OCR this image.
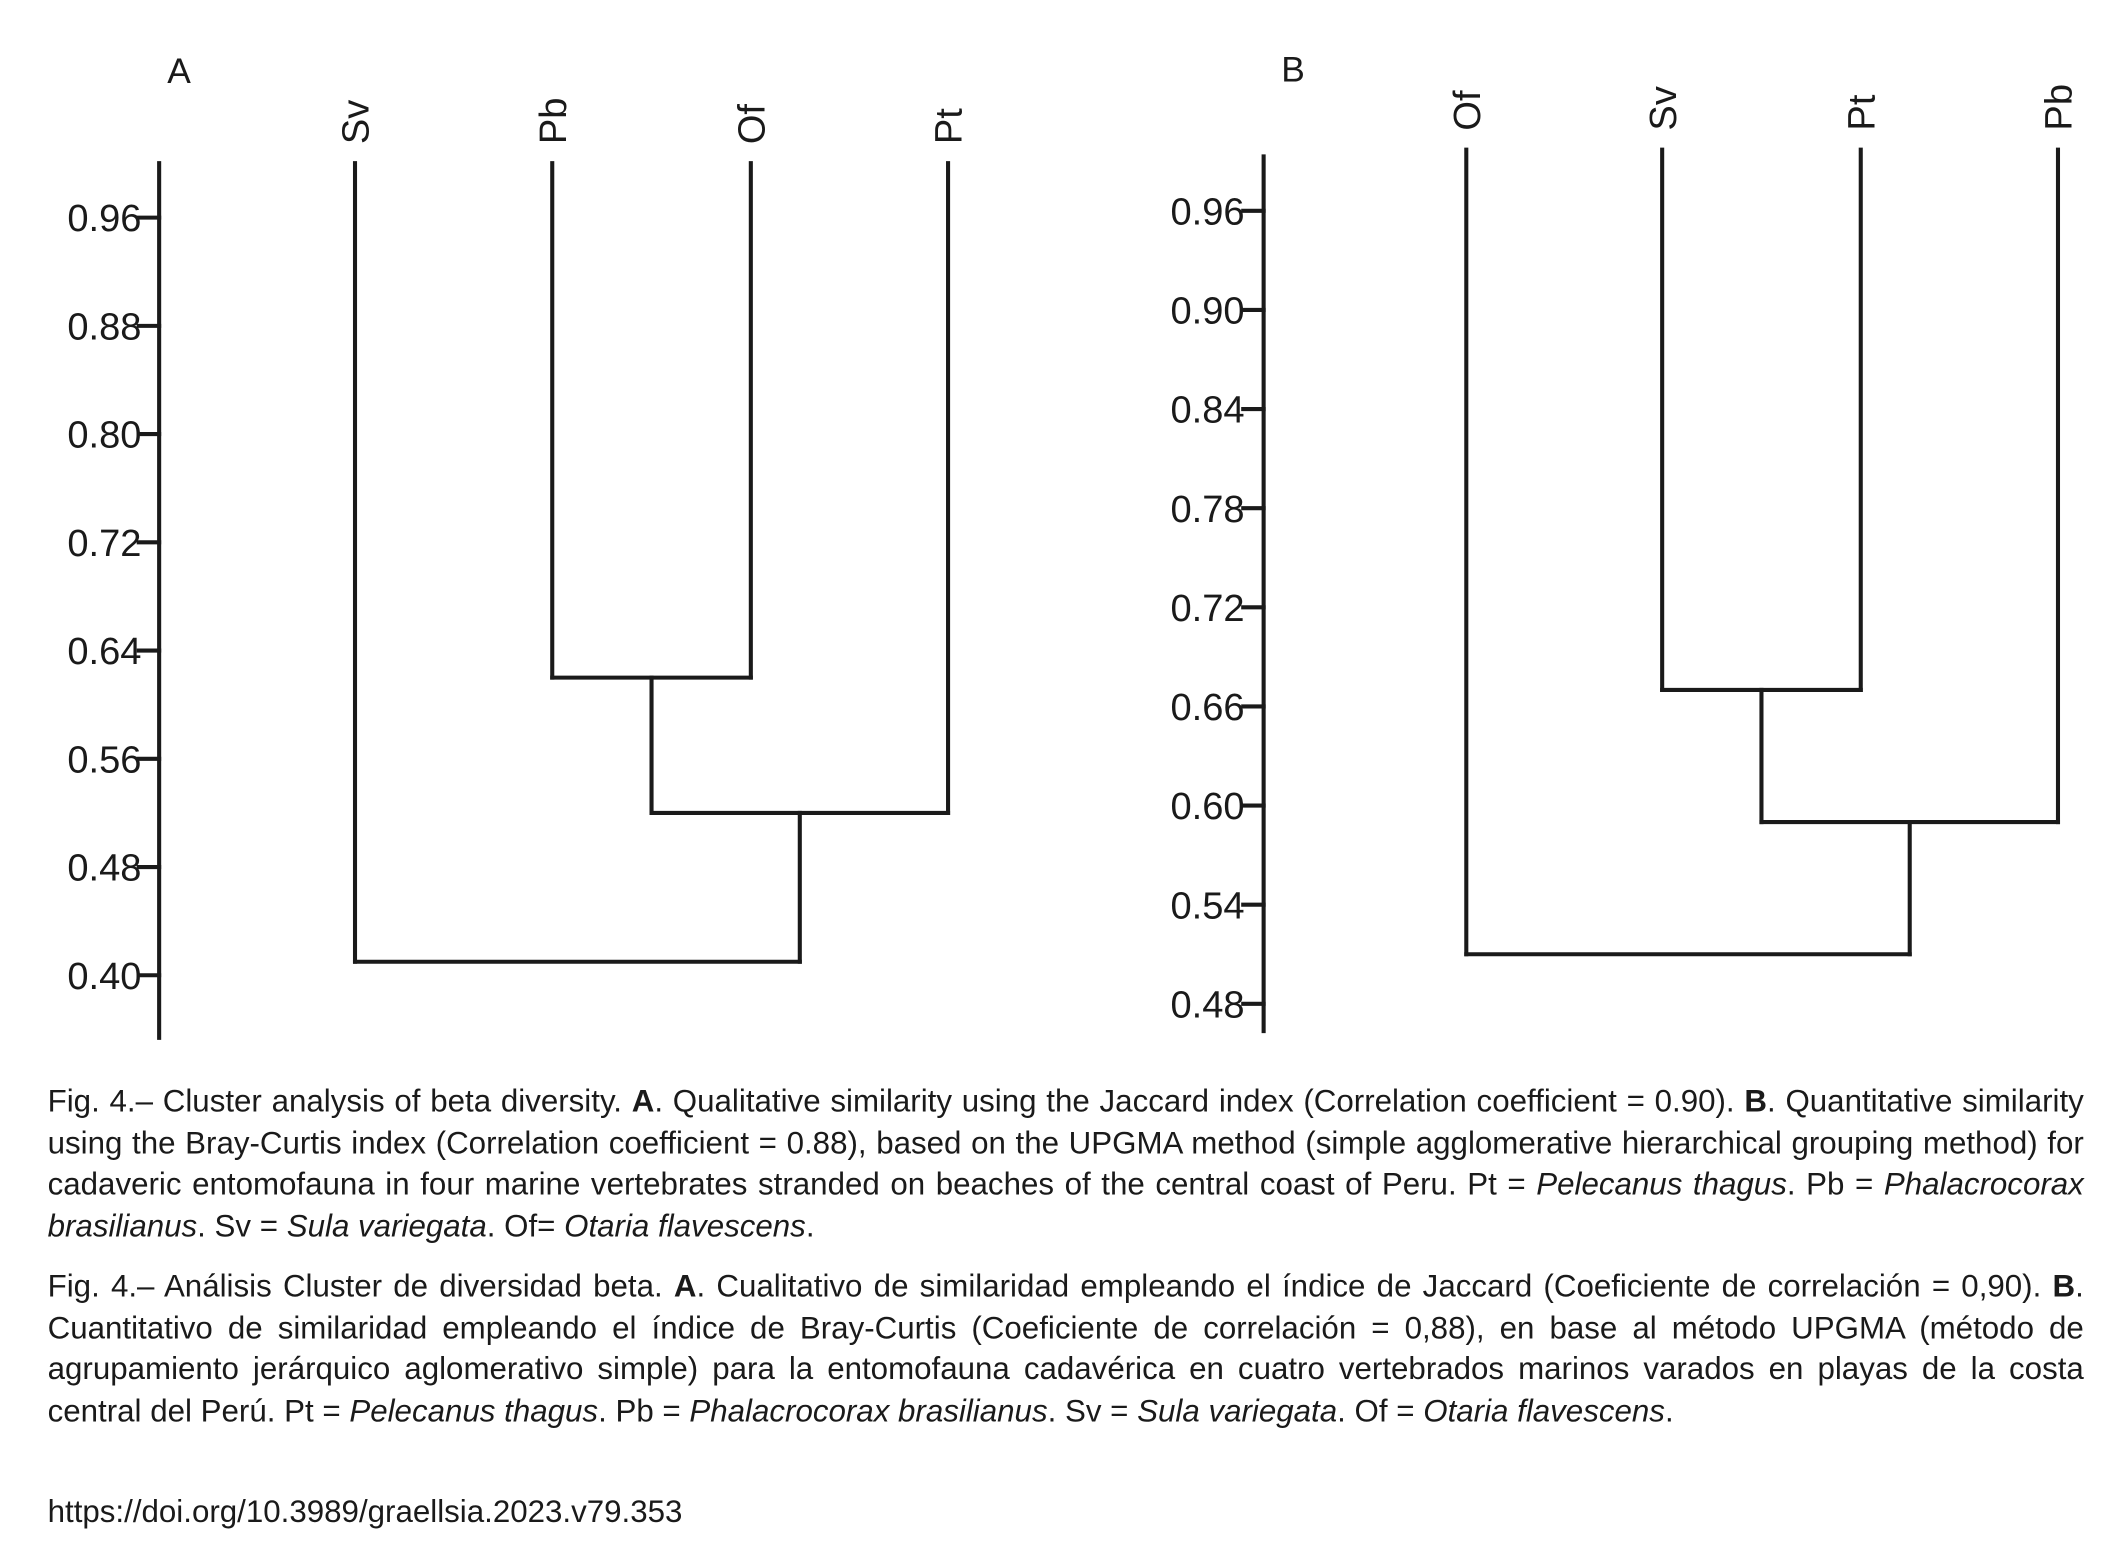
A
0.96
0.88
0.80
0.72
0.64
0.56
0.48
0.40
Sv	Pb	Of	Pt
B
0.96
0.90
0.84
0.78
0.72
0.66
0.60
0.54
0.48
Of	Sv	Pt	Pb

Fig. 4.– Cluster analysis of beta diversity. A. Qualitative similarity using the Jaccard index (Correlation coefficient = 0.90). B. Quantitative similarity using the Bray-Curtis index (Correlation coefficient = 0.88), based on the UPGMA method (simple agglomerative hierarchical grouping method) for cadaveric entomofauna in four marine vertebrates stranded on beaches of the central coast of Peru. Pt = Pelecanus thagus. Pb = Phalacrocorax brasilianus. Sv = Sula variegata. Of= Otaria flavescens.

Fig. 4.– Análisis Cluster de diversidad beta. A. Cualitativo de similaridad empleando el índice de Jaccard (Coeficiente de correlación = 0,90). B. Cuantitativo de similaridad empleando el índice de Bray-Curtis (Coeficiente de correlación = 0,88), en base al método UPGMA (método de agrupamiento jerárquico aglomerativo simple) para la entomofauna cadavérica en cuatro vertebrados marinos varados en playas de la costa central del Perú. Pt = Pelecanus thagus. Pb = Phalacrocorax brasilianus. Sv = Sula variegata. Of = Otaria flavescens.

https://doi.org/10.3989/graellsia.2023.v79.353
